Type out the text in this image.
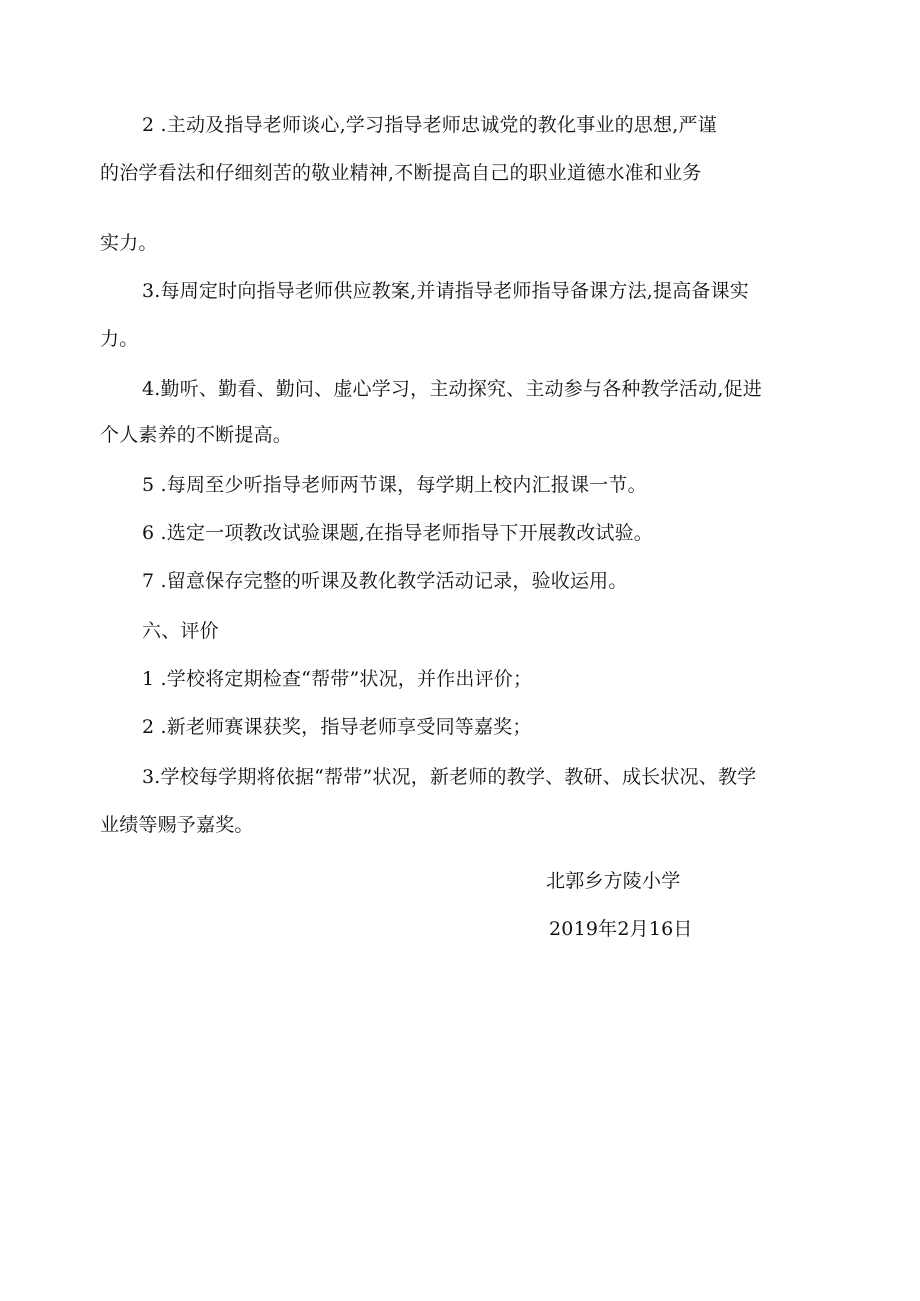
2 .主动及指导老师谈心,学习指导老师忠诚党的教化事业的思想,严谨
的治学看法和仔细刻苦的敬业精神,不断提高自己的职业道德水准和业务
实力。
3.每周定时向指导老师供应教案,并请指导老师指导备课方法,提高备课实
力。
4.勤听、勤看、勤问、虚心学习，主动探究、主动参与各种教学活动,促进
个人素养的不断提高。
5 .每周至少听指导老师两节课，每学期上校内汇报课一节。
6 .选定一项教改试验课题,在指导老师指导下开展教改试验。
7 .留意保存完整的听课及教化教学活动记录，验收运用。
六、评价
1 .学校将定期检查“帮带”状况，并作出评价；
2 .新老师赛课获奖，指导老师享受同等嘉奖；
3.学校每学期将依据“帮带”状况，新老师的教学、教研、成长状况、教学
业绩等赐予嘉奖。
北郭乡方陵小学
2019年2月16日
